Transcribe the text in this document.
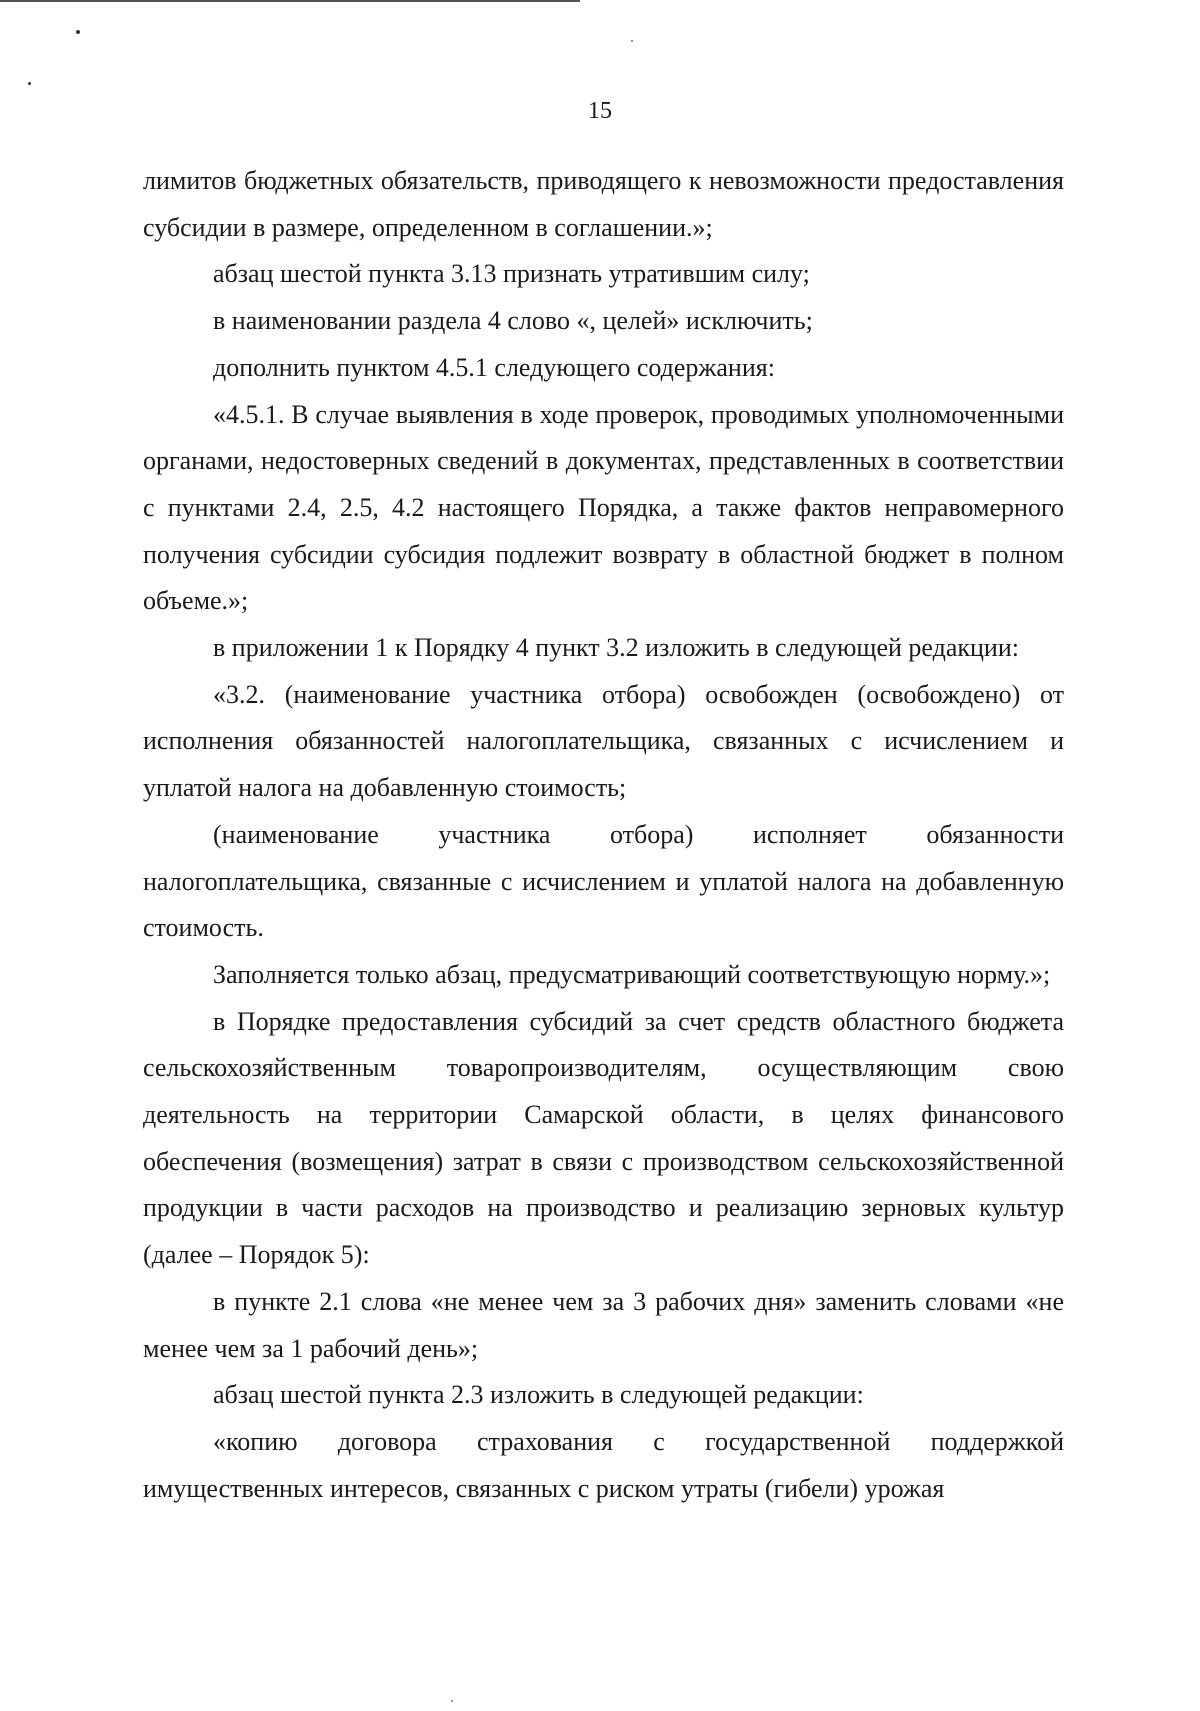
15

лимитов бюджетных обязательств, приводящего к невозможности предоставления субсидии в размере, определенном в соглашении.»;

абзац шестой пункта 3.13 признать утратившим силу;

в наименовании раздела 4 слово «, целей» исключить;

дополнить пунктом 4.5.1 следующего содержания:

«4.5.1. В случае выявления в ходе проверок, проводимых уполномоченными органами, недостоверных сведений в документах, представленных в соответствии с пунктами 2.4, 2.5, 4.2 настоящего Порядка, а также фактов неправомерного получения субсидии субсидия подлежит возврату в областной бюджет в полном объеме.»;

в приложении 1 к Порядку 4 пункт 3.2 изложить в следующей редакции:

«3.2. (наименование участника отбора) освобожден (освобождено) от исполнения обязанностей налогоплательщика, связанных с исчислением и уплатой налога на добавленную стоимость;

(наименование участника отбора) исполняет обязанности налогоплательщика, связанные с исчислением и уплатой налога на добавленную стоимость.

Заполняется только абзац, предусматривающий соответствующую норму.»;

в Порядке предоставления субсидий за счет средств областного бюджета сельскохозяйственным товаропроизводителям, осуществляющим свою деятельность на территории Самарской области, в целях финансового обеспечения (возмещения) затрат в связи с производством сельскохозяйственной продукции в части расходов на производство и реализацию зерновых культур (далее – Порядок 5):

в пункте 2.1 слова «не менее чем за 3 рабочих дня» заменить словами «не менее чем за 1 рабочий день»;

абзац шестой пункта 2.3 изложить в следующей редакции:

«копию договора страхования с государственной поддержкой имущественных интересов, связанных с риском утраты (гибели) урожая
